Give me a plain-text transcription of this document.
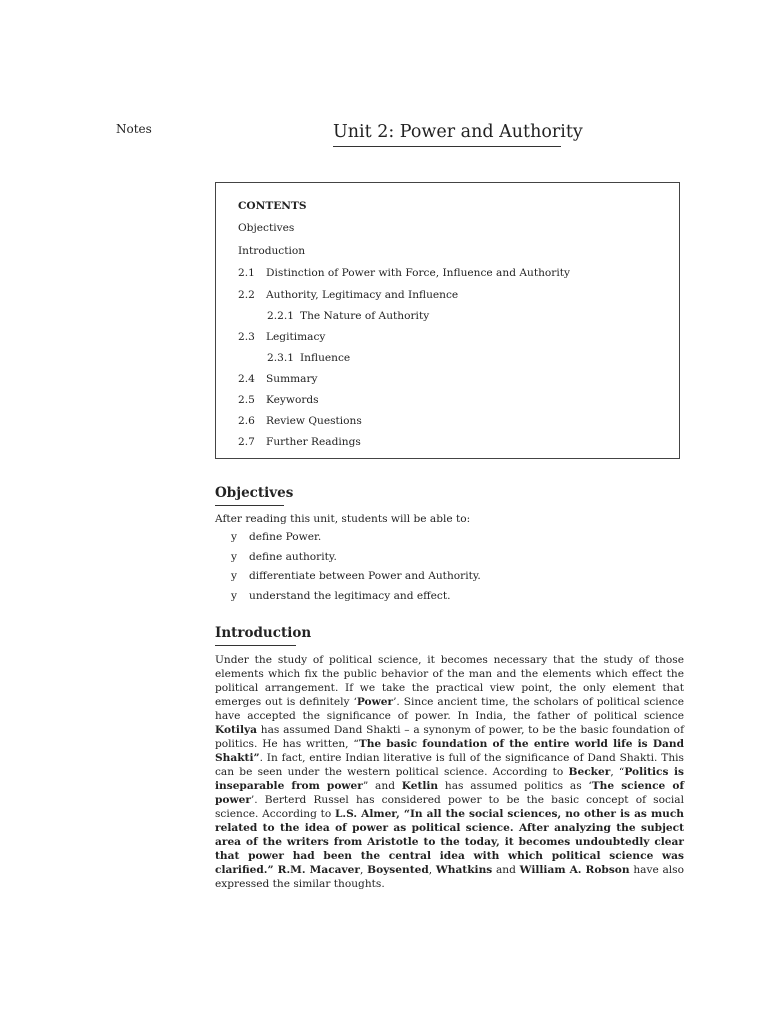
Notes	Unit 2: Power and Authority
CONTENTS
Objectives
Introduction
2.1 Distinction of Power with Force, Influence and Authority
2.2 Authority, Legitimacy and Influence
2.2.1 The Nature of Authority
2.3 Legitimacy
2.3.1 Influence
2.4 Summary
2.5 Keywords
2.6 Review Questions
2.7 Further Readings
Objectives
After reading this unit, students will be able to:
y define Power.
y define authority.
y differentiate between Power and Authority.
y understand the legitimacy and effect.
Introduction

Under the study of political science, it becomes necessary that the study of those elements which fix the public behavior of the man and the elements which effect the political arrangement. If we take the practical view point, the only element that emerges out is definitely ‘Power’. Since ancient time, the scholars of political science have accepted the significance of power. In India, the father of political science Kotilya has assumed Dand Shakti – a synonym of power, to be the basic foundation of politics. He has written, “The basic foundation of the entire world life is Dand Shakti”. In fact, entire Indian literative is full of the significance of Dand Shakti. This can be seen under the western political science. According to Becker, “Politics is inseparable from power” and Ketlin has assumed politics as ‘The science of power’. Berterd Russel has considered power to be the basic concept of social science. According to L.S. Almer, “In all the social sciences, no other is as much related to the idea of power as political science. After analyzing the subject area of the writers from Aristotle to the today, it becomes undoubtedly clear that power had been the central idea with which political science was clarified.” R.M. Macaver, Boysented, Whatkins and William A. Robson have also expressed the similar thoughts.
